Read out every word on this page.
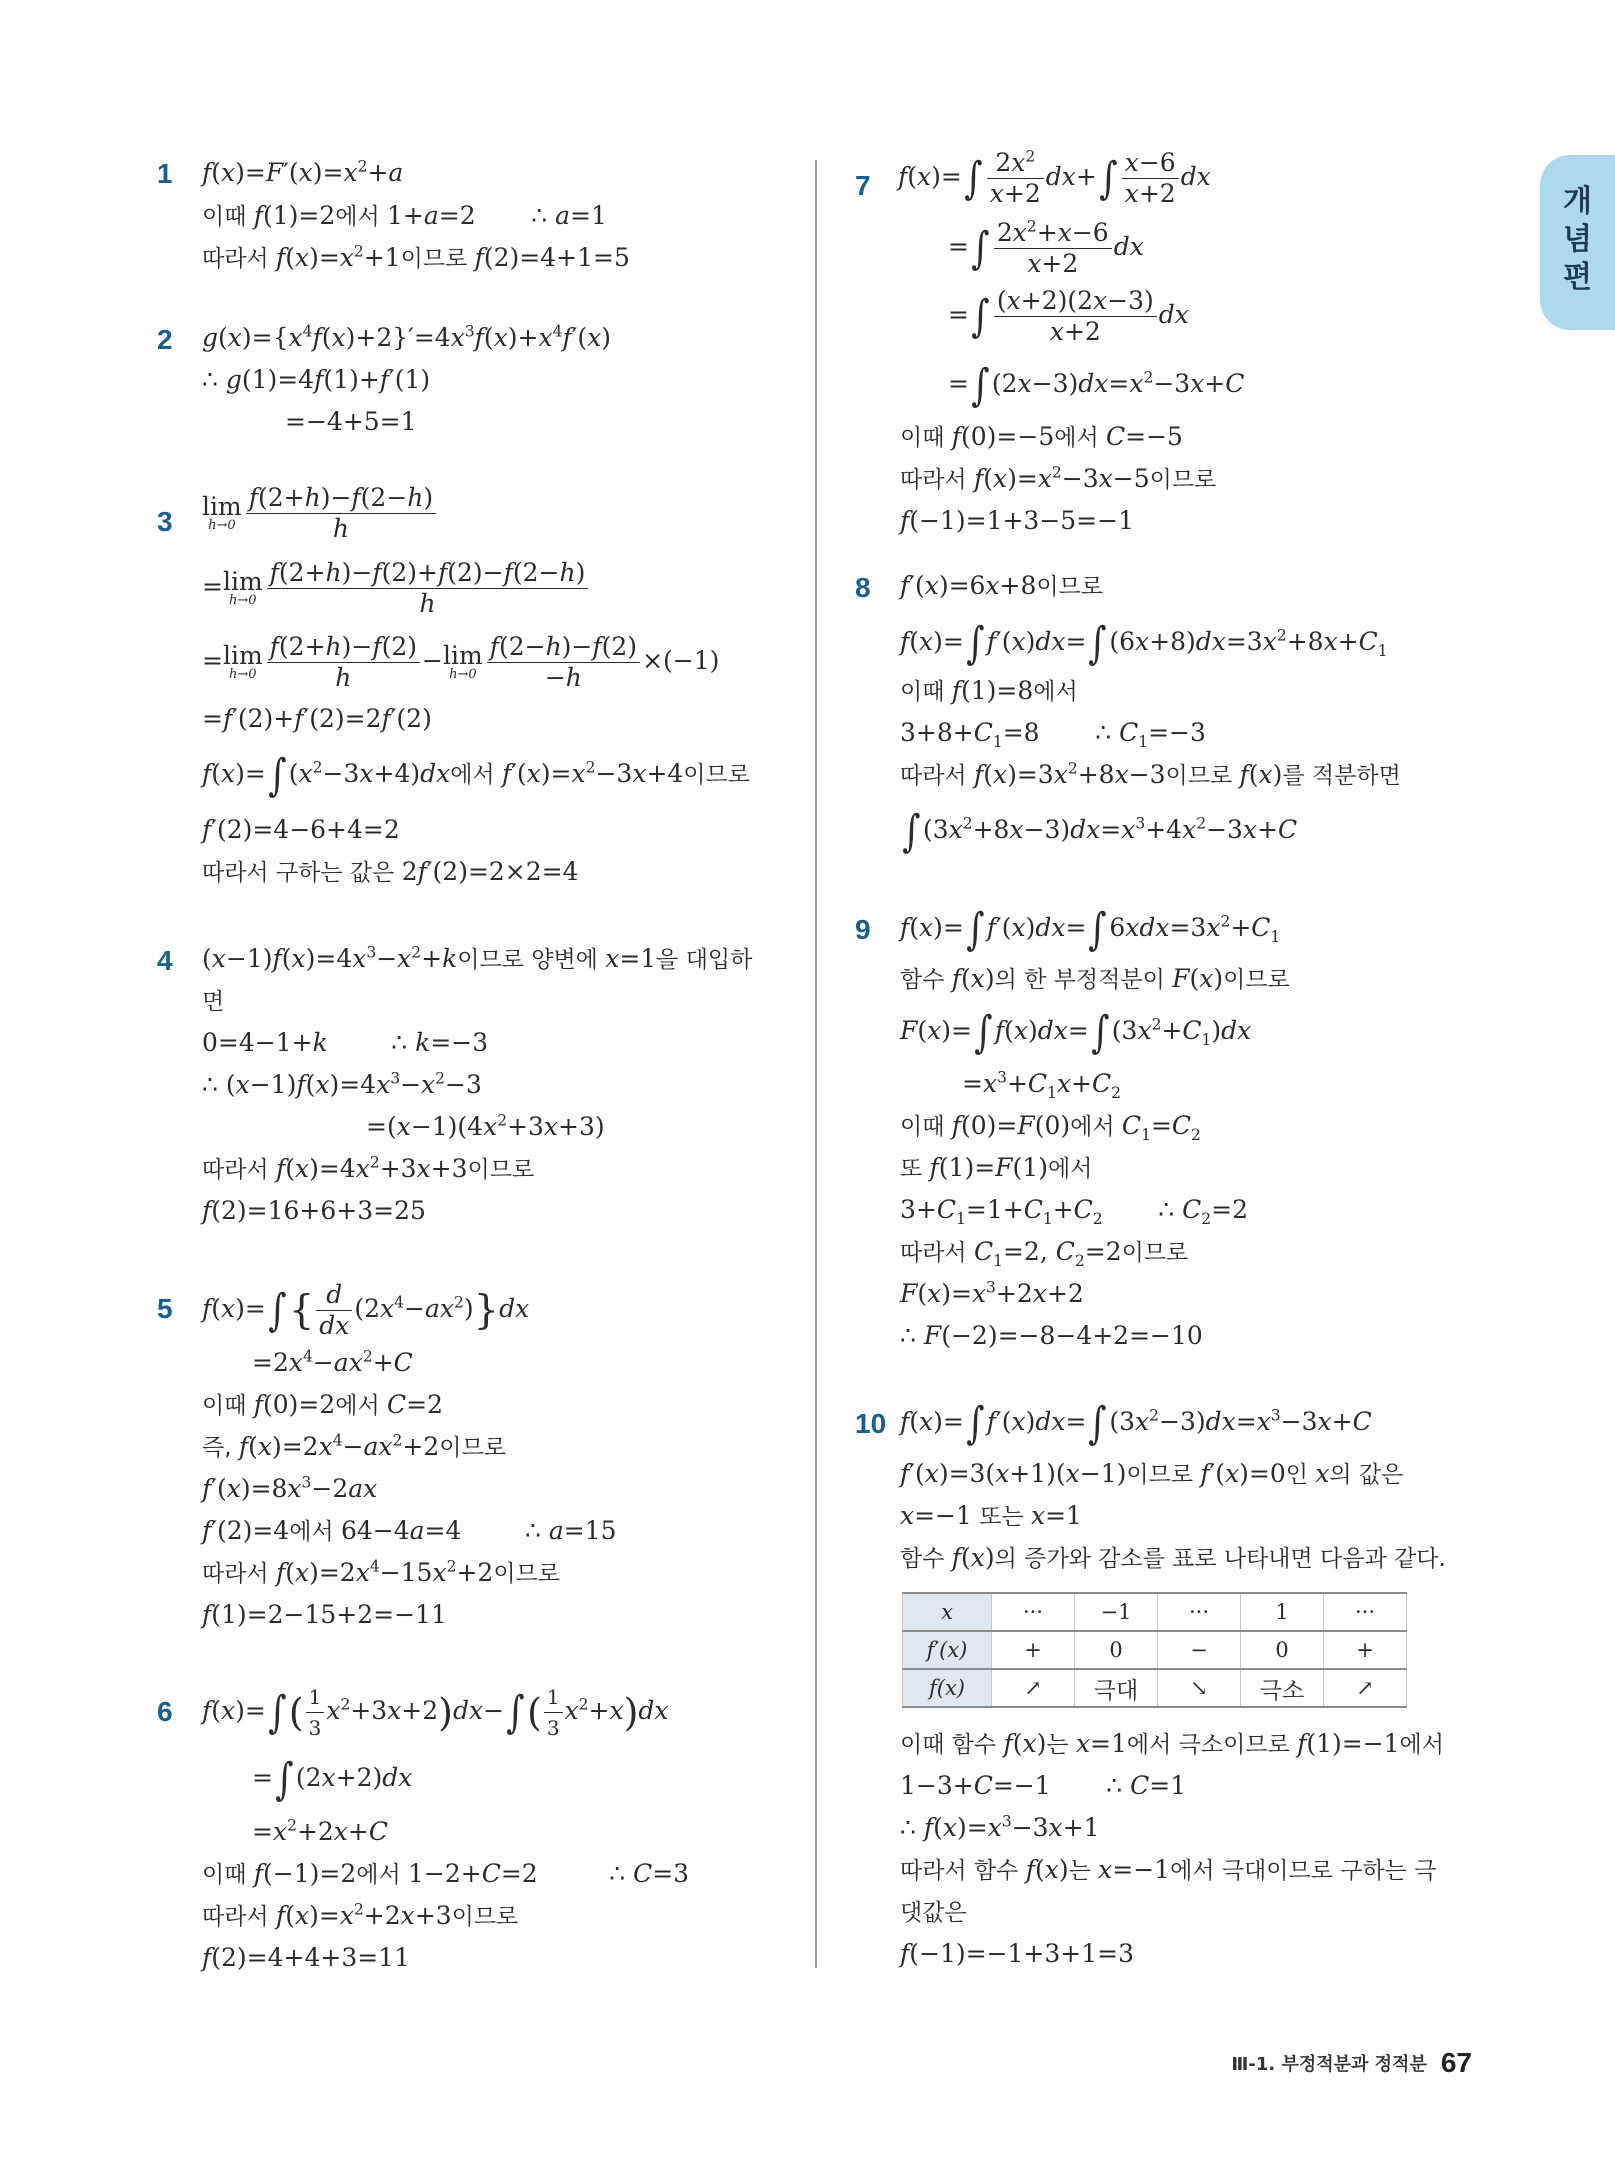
개
념
편
1 $f(x)=F'(x)=x^2+a$
이때 f(1)=2에서 1+a=2       ∴ a=1
따라서 $f(x)=x^2+1$이므로 f(2)=4+1=5
2 $g(x)=\{x^4f(x)+2\}'=4x^3f(x)+x^4f'(x)$
∴ g(1)=4f(1)+f′(1)
=−4+5=1
3 lim
$h\to 0 \frac{f(2+h)-f(2-h)}{h}$
= lim
$h\to 0 \frac{f(2+h)-f(2)+f(2)-f(2-h)}{h}$
= lim
$h\to 0 \frac{f(2+h)-f(2)}{h} - \lim$
$h\to 0 \frac{f(2-h)-f(2)}{-h} \times(-1)$
=f′(2)+f′(2)=2f′(2)
$f(x)=\int(x^2-3x+4)dx$에서 $f'(x)=x^2-3x+4$이므로
f′(2)=4−6+4=2
따라서 구하는 값은 2f′(2)=2×2=4
4 $(x-1)f(x)=4x^3-x^2+k$이므로 양변에 x=1을 대입하
면
0=4−1+k        ∴ k=−3
∴ $(x-1)f(x)=4x^3-x^2-3$
$=(x-1)(4x^2+3x+3)$
따라서 $f(x)=4x^2+3x+3$이므로
f(2)=16+6+3=25
5 $f(x)=\int\{ \frac{d}{dx} (2x^4-ax^2)\}dx$
$=2x^4-ax^2+C$
이때 f(0)=2에서 C=2
즉, $f(x)=2x^4-ax^2+2$이므로
$f'(x)=8x^3-2ax$
f′(2)=4에서 64−4a=4        ∴ a=15
따라서 $f(x)=2x^4-15x^2+2$이므로
f(1)=2−15+2=−11
6 $f(x)=\int( \frac{1}{3} x^2+3x+2)dx-\int( \frac{1}{3} x^2+x)dx$
=∫(2x+2)dx
$=x^2+2x+C$
이때 f(−1)=2에서 1−2+C=2         ∴ C=3
따라서 $f(x)=x^2+2x+3$이므로
f(2)=4+4+3=11
7 $f(x)=\int \frac{2x^2}{x+2} dx+\int \frac{x-6}{x+2}$ dx
=∫ $\frac{2x^2+x-6}{x+2}$ dx
=∫ $\frac{(x+2)(2x-3)}{x+2}$ dx
$=\int(2x-3)dx=x^2-3x+C$
이때 f(0)=−5에서 C=−5
따라서 $f(x)=x^2-3x-5$이므로
f(−1)=1+3−5=−1
8 f′(x)=6x+8이므로
$f(x)=\int f'(x)dx=\int(6x+8)dx=3x^2+8x+C_1$
이때 f(1)=8에서
$3+8+C_1=8$       ∴ $C_1=-3$
따라서 $f(x)=3x^2+8x-3$이므로 f(x)를 적분하면
$\int(3x^2+8x-3)dx=x^3+4x^2-3x+C$
9 $f(x)=\int f'(x)dx=\int 6xdx=3x^2+C_1$
함수 f(x)의 한 부정적분이 F(x)이므로
$F(x)=\int f(x)dx=\int(3x^2+C_1)dx$
$=x^3+C_1x+C_2$
이때 f(0)=F(0)에서 $C_1=C_2$
또 f(1)=F(1)에서
$3+C_1=1+C_1+C_2$       ∴ $C_2=2$
따라서 $C_1=2$, $C_2=2$이므로
$F(x)=x^3+2x+2$
∴ F(−2)=−8−4+2=−10
10 $f(x)=\int f'(x)dx=\int(3x^2-3)dx=x^3-3x+C$
f′(x)=3(x+1)(x−1)이므로 f′(x)=0인 x의 값은
x=−1 또는 x=1
함수 f(x)의 증가와 감소를 표로 나타내면 다음과 같다.
x	···	−1	···	1	···
f′(x)	+	0	−	0	+
f(x)	↗	극대	↘	극소	↗
이때 함수 f(x)는 x=1에서 극소이므로 f(1)=−1에서
1−3+C=−1       ∴ C=1
∴ $f(x)=x^3-3x+1$
따라서 함수 f(x)는 x=−1에서 극대이므로 구하는 극
댓값은
f(−1)=−1+3+1=3
Ⅲ-1. 부정적분과 정적분 67
